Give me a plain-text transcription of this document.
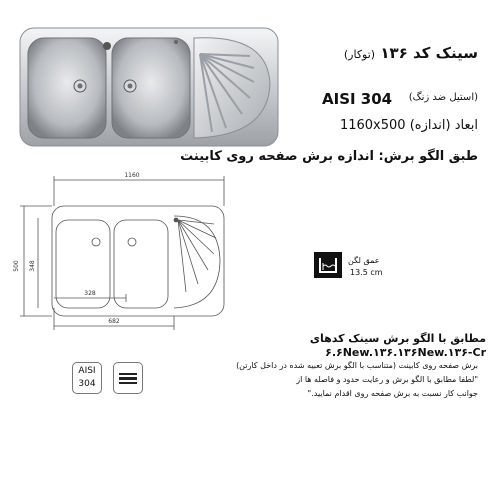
سینک کد ۱۳۶ (توکار)
AISI 304 (استیل ضد زنگ)
ابعاد (اندازه) 1160x500
طبق الگو برش: اندازه برش صفحه روی کابینت
1160
500 348
328
682
عمق لگن
13.5 cm
مطابق با الگو برش سینک کدهای
۶.۶New.۱۳۶.۱۳۶New.۱۳۶-Cr
برش صفحه روی کابینت (متناسب با الگو برش تعبیه شده در داخل کارتن)
"لطفا مطابق با الگو برش و رعایت حدود و فاصله ها از
جوانب کار نسبت به برش صفحه روی اقدام نمایید."
AISI
304
